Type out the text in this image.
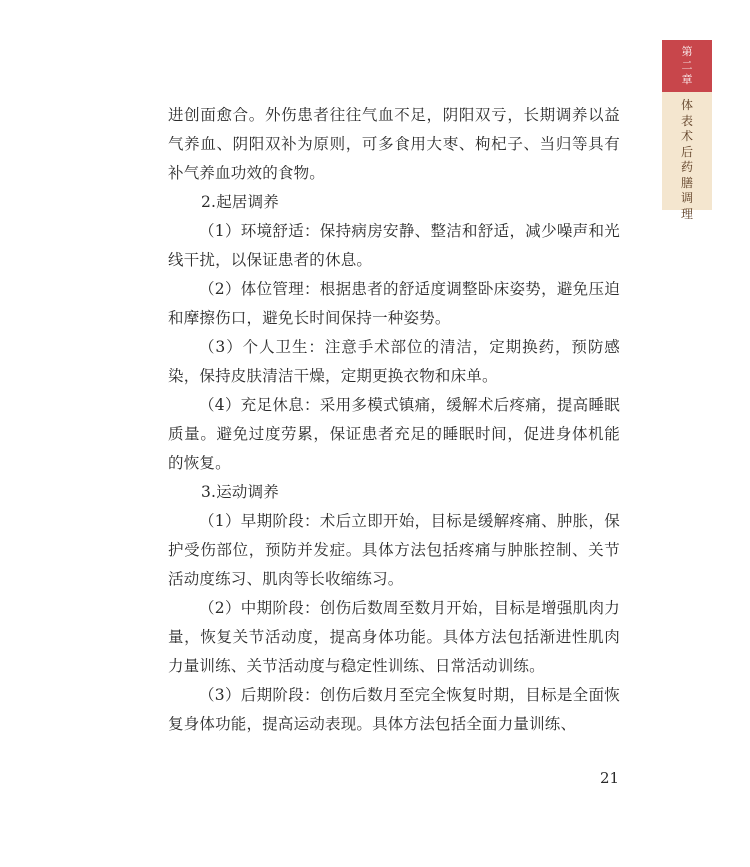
第
二
章
体
表
术
后
药
膳
调
理

进创面愈合。外伤患者往往气血不足，阴阳双亏，长期调养以益气养血、阴阳双补为原则，可多食用大枣、枸杞子、当归等具有补气养血功效的食物。

2.起居调养

（1）环境舒适：保持病房安静、整洁和舒适，减少噪声和光线干扰，以保证患者的休息。

（2）体位管理：根据患者的舒适度调整卧床姿势，避免压迫和摩擦伤口，避免长时间保持一种姿势。

（3）个人卫生：注意手术部位的清洁，定期换药，预防感染，保持皮肤清洁干燥，定期更换衣物和床单。

（4）充足休息：采用多模式镇痛，缓解术后疼痛，提高睡眠质量。避免过度劳累，保证患者充足的睡眠时间，促进身体机能的恢复。

3.运动调养

（1）早期阶段：术后立即开始，目标是缓解疼痛、肿胀，保护受伤部位，预防并发症。具体方法包括疼痛与肿胀控制、关节活动度练习、肌肉等长收缩练习。

（2）中期阶段：创伤后数周至数月开始，目标是增强肌肉力量，恢复关节活动度，提高身体功能。具体方法包括渐进性肌肉力量训练、关节活动度与稳定性训练、日常活动训练。

（3）后期阶段：创伤后数月至完全恢复时期，目标是全面恢复身体功能，提高运动表现。具体方法包括全面力量训练、

21
